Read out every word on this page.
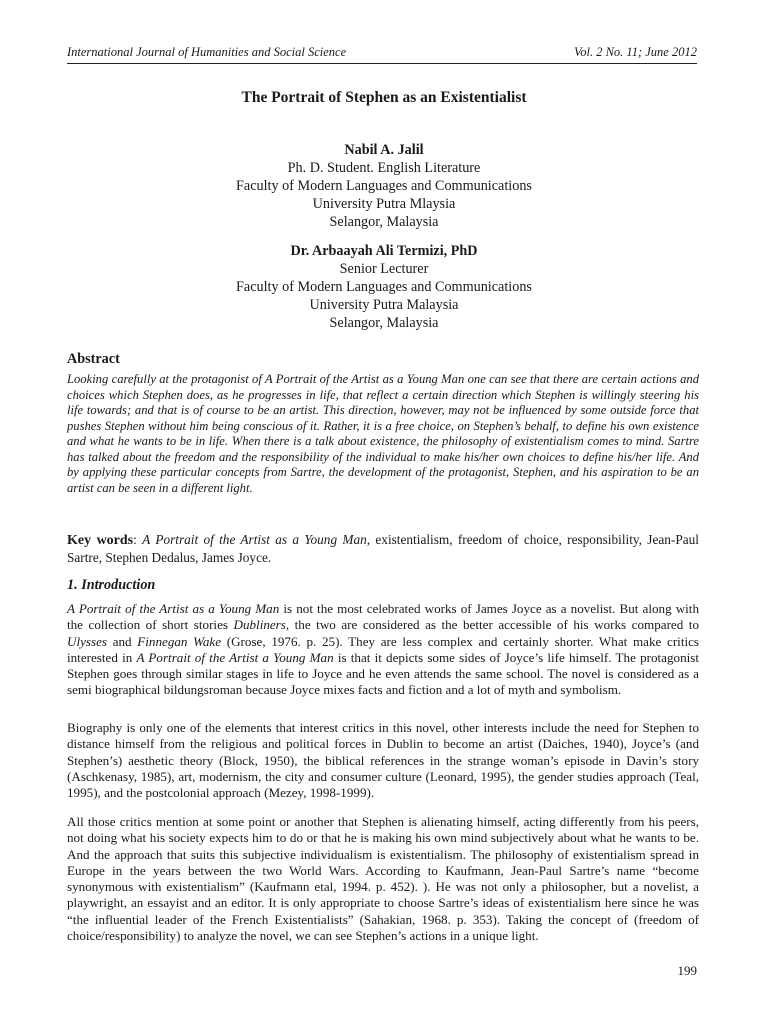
International Journal of Humanities and Social Science	Vol. 2 No. 11; June 2012
The Portrait of Stephen as an Existentialist
Nabil A. Jalil
Ph. D. Student. English Literature
Faculty of Modern Languages and Communications
University Putra Mlaysia
Selangor, Malaysia
Dr. Arbaayah Ali Termizi, PhD
Senior Lecturer
Faculty of Modern Languages and Communications
University Putra Malaysia
Selangor, Malaysia
Abstract
Looking carefully at the protagonist of A Portrait of the Artist as a Young Man one can see that there are certain actions and choices which Stephen does, as he progresses in life, that reflect a certain direction which Stephen is willingly steering his life towards; and that is of course to be an artist. This direction, however, may not be influenced by some outside force that pushes Stephen without him being conscious of it. Rather, it is a free choice, on Stephen’s behalf, to define his own existence and what he wants to be in life. When there is a talk about existence, the philosophy of existentialism comes to mind. Sartre has talked about the freedom and the responsibility of the individual to make his/her own choices to define his/her life. And by applying these particular concepts from Sartre, the development of the protagonist, Stephen, and his aspiration to be an artist can be seen in a different light.
Key words: A Portrait of the Artist as a Young Man, existentialism, freedom of choice, responsibility, Jean-Paul Sartre, Stephen Dedalus, James Joyce.
1. Introduction
A Portrait of the Artist as a Young Man is not the most celebrated works of James Joyce as a novelist. But along with the collection of short stories Dubliners, the two are considered as the better accessible of his works compared to Ulysses and Finnegan Wake (Grose, 1976. p. 25). They are less complex and certainly shorter. What make critics interested in A Portrait of the Artist a Young Man is that it depicts some sides of Joyce’s life himself. The protagonist Stephen goes through similar stages in life to Joyce and he even attends the same school. The novel is considered as a semi biographical bildungsroman because Joyce mixes facts and fiction and a lot of myth and symbolism.
Biography is only one of the elements that interest critics in this novel, other interests include the need for Stephen to distance himself from the religious and political forces in Dublin to become an artist (Daiches, 1940), Joyce’s (and Stephen’s) aesthetic theory (Block, 1950), the biblical references in the strange woman’s episode in Davin’s story (Aschkenasy, 1985), art, modernism, the city and consumer culture (Leonard, 1995), the gender studies approach (Teal, 1995), and the postcolonial approach (Mezey, 1998-1999).
All those critics mention at some point or another that Stephen is alienating himself, acting differently from his peers, not doing what his society expects him to do or that he is making his own mind subjectively about what he wants to be. And the approach that suits this subjective individualism is existentialism. The philosophy of existentialism spread in Europe in the years between the two World Wars. According to Kaufmann, Jean-Paul Sartre’s name “become synonymous with existentialism” (Kaufmann etal, 1994. p. 452). ). He was not only a philosopher, but a novelist, a playwright, an essayist and an editor. It is only appropriate to choose Sartre’s ideas of existentialism here since he was “the influential leader of the French Existentialists” (Sahakian, 1968. p. 353). Taking the concept of (freedom of choice/responsibility) to analyze the novel, we can see Stephen’s actions in a unique light.
199
